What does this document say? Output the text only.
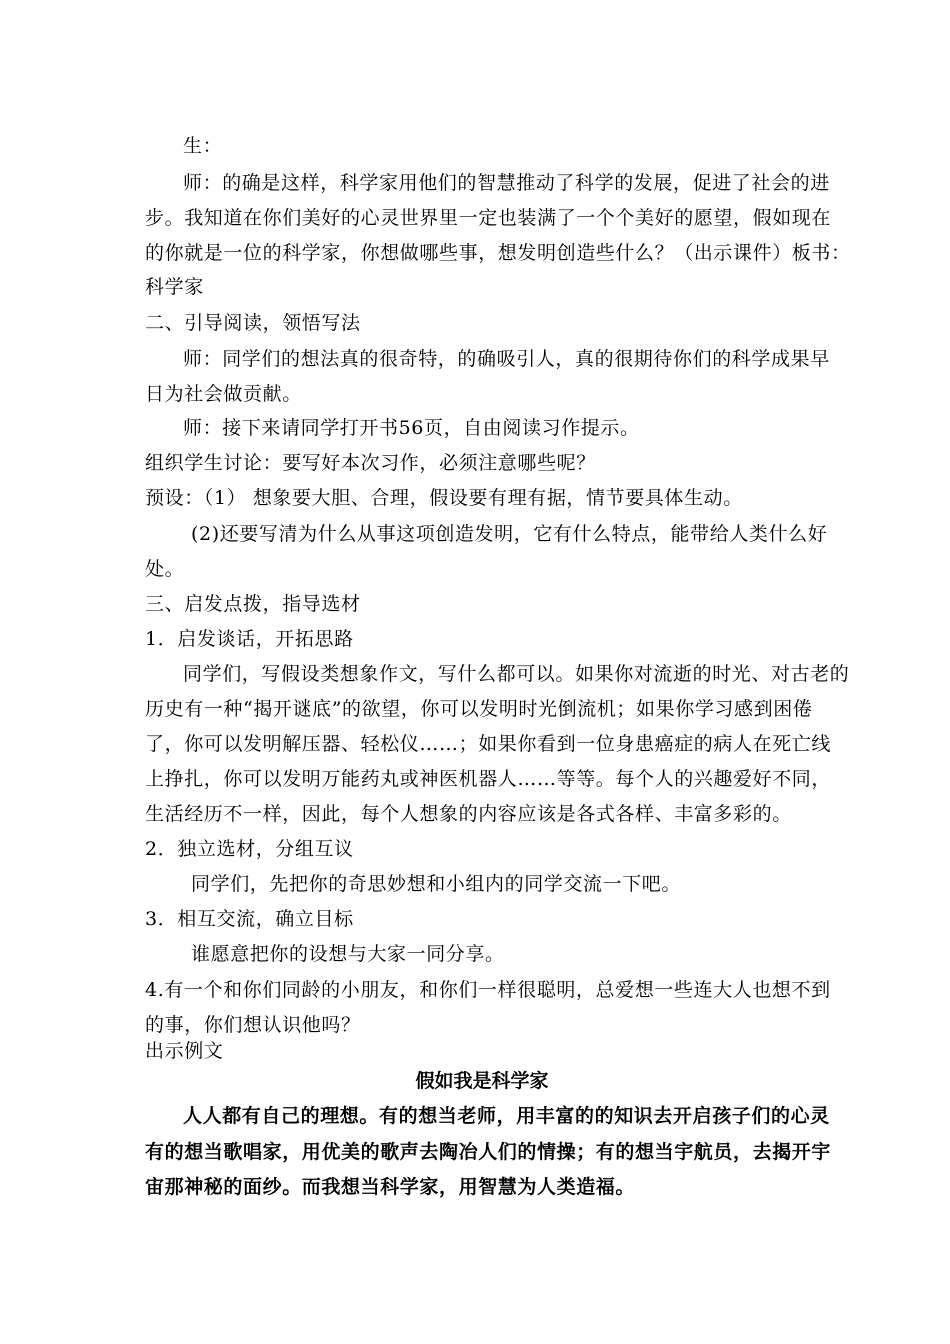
生：
师：的确是这样，科学家用他们的智慧推动了科学的发展，促进了社会的进
步。我知道在你们美好的心灵世界里一定也装满了一个个美好的愿望，假如现在
的你就是一位的科学家，你想做哪些事，想发明创造些什么？（出示课件）板书：
科学家
二、引导阅读，领悟写法
师：同学们的想法真的很奇特，的确吸引人，真的很期待你们的科学成果早
日为社会做贡献。
师：接下来请同学打开书56页，自由阅读习作提示。
组织学生讨论：要写好本次习作，必须注意哪些呢？
预设：（1） 想象要大胆、合理，假设要有理有据，情节要具体生动。
(2)还要写清为什么从事这项创造发明，它有什么特点，能带给人类什么好
处。
三、启发点拨，指导选材
1．启发谈话，开拓思路
同学们，写假设类想象作文，写什么都可以。如果你对流逝的时光、对古老的
历史有一种“揭开谜底”的欲望，你可以发明时光倒流机；如果你学习感到困倦
了，你可以发明解压器、轻松仪……；如果你看到一位身患癌症的病人在死亡线
上挣扎，你可以发明万能药丸或神医机器人……等等。每个人的兴趣爱好不同，
生活经历不一样，因此，每个人想象的内容应该是各式各样、丰富多彩的。
2．独立选材，分组互议
同学们，先把你的奇思妙想和小组内的同学交流一下吧。
3．相互交流，确立目标
谁愿意把你的设想与大家一同分享。
4.有一个和你们同龄的小朋友，和你们一样很聪明，总爱想一些连大人也想不到
的事，你们想认识他吗？
出示例文
假如我是科学家
人人都有自己的理想。有的想当老师，用丰富的的知识去开启孩子们的心灵
有的想当歌唱家，用优美的歌声去陶冶人们的情操；有的想当宇航员，去揭开宇
宙那神秘的面纱。而我想当科学家，用智慧为人类造福。
